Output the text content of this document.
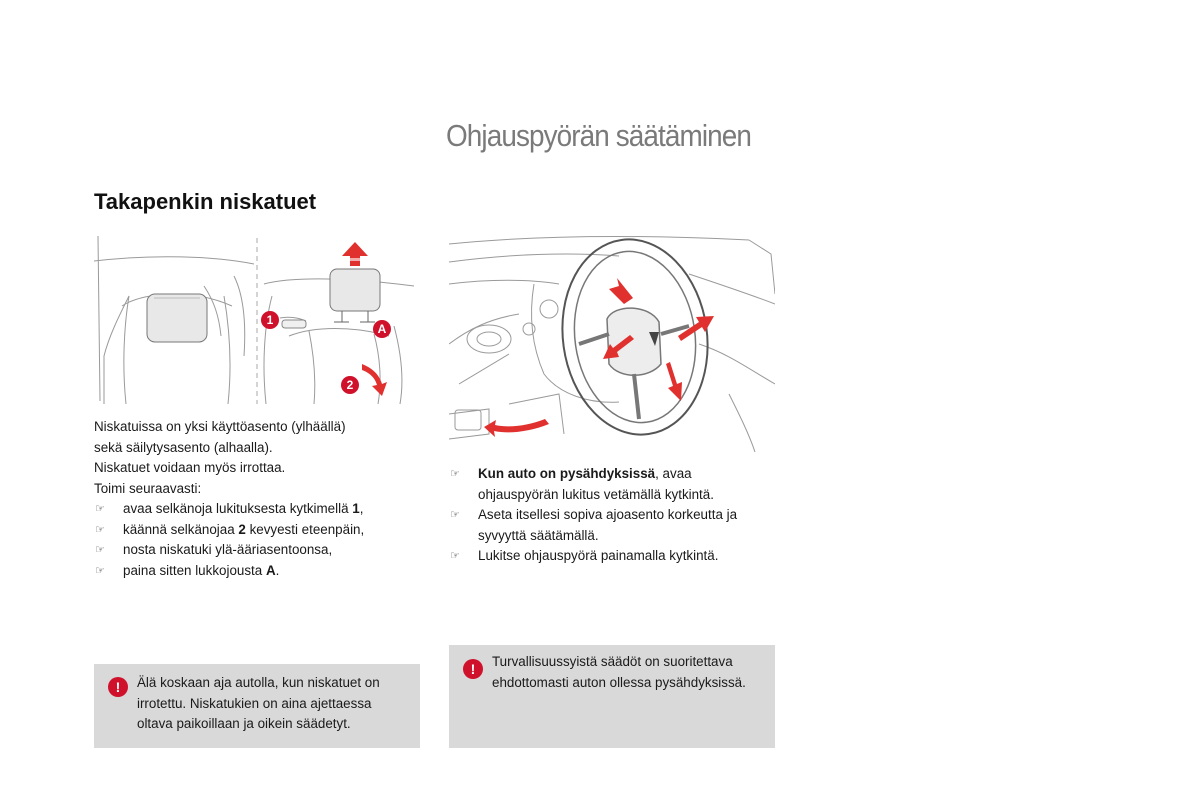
Ohjauspyörän säätäminen
Takapenkin niskatuet
1
A
2

Niskatuissa on yksi käyttöasento (ylhäällä)

sekä säilytysasento (alhaalla).

Niskatuet voidaan myös irrottaa.

Toimi seuraavasti:

☞ avaa selkänoja lukituksesta kytkimellä 1,
☞ käännä selkänojaa 2 kevyesti eteenpäin,
☞ nosta niskatuki ylä-ääriasentoonsa,
☞ paina sitten lukkojousta A.
☞ Kun auto on pysähdyksissä, avaa ohjauspyörän lukitus vetämällä kytkintä.
☞ Aseta itsellesi sopiva ajoasento korkeutta ja syvyyttä säätämällä.
☞ Lukitse ohjauspyörä painamalla kytkintä.
!	Älä koskaan aja autolla, kun niskatuet on irrotettu. Niskatukien on aina ajettaessa oltava paikoillaan ja oikein säädetyt.
!	Turvallisuussyistä säädöt on suoritettava ehdottomasti auton ollessa pysähdyksissä.
